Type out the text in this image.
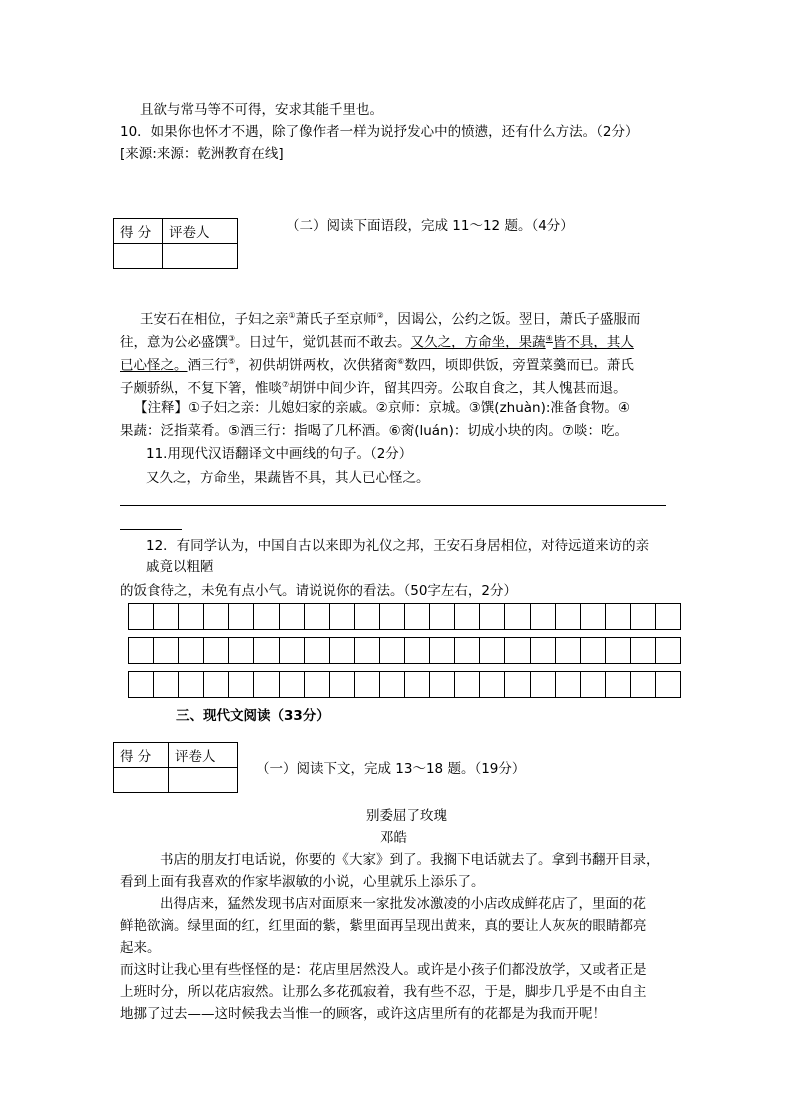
且欲与常马等不可得，安求其能千里也。
10．如果你也怀才不遇，除了像作者一样为说抒发心中的愤懑，还有什么方法。（2分）
[来源:来源：乾洲教育在线]
得 分	评卷人
		（二）阅读下面语段，完成 11～12 题。（4分）
王安石在相位，子妇之亲①萧氏子至京师②，因谒公，公约之饭。翌日，萧氏子盛服而
往，意为公必盛馔③。日过午，觉饥甚而不敢去。又久之，方命坐，果蔬④皆不具，其人
已心怪之。酒三行⑤，初供胡饼两枚，次供猪脔⑥数四，顷即供饭，旁置菜羹而已。萧氏
子颇骄纵，不复下箸，惟啖⑦胡饼中间少许，留其四旁。公取自食之，其人愧甚而退。
【注释】①子妇之亲：儿媳妇家的亲戚。②京师：京城。③馔(zhuàn):准备食物。④
果蔬：泛指菜肴。⑤酒三行：指喝了几杯酒。⑥脔(luán)：切成小块的肉。⑦啖：吃。
11.用现代汉语翻译文中画线的句子。（2分）
又久之，方命坐，果蔬皆不具，其人已心怪之。
12．有同学认为，中国自古以来即为礼仪之邦，王安石身居相位，对待远道来访的亲
戚竟以粗陋
的饭食待之，未免有点小气。请说说你的看法。（50字左右，2分）

三、现代文阅读（33分）
得 分	评卷人

（一）阅读下文，完成 13～18 题。（19分）
别委屈了玫瑰
邓皓
书店的朋友打电话说，你要的《大家》到了。我搁下电话就去了。拿到书翻开目录，
看到上面有我喜欢的作家毕淑敏的小说，心里就乐上添乐了。
出得店来，猛然发现书店对面原来一家批发冰激凌的小店改成鲜花店了，里面的花
鲜艳欲滴。绿里面的红，红里面的紫，紫里面再呈现出黄来，真的要让人灰灰的眼睛都亮
起来。
而这时让我心里有些怪怪的是：花店里居然没人。或许是小孩子们都没放学，又或者正是
上班时分，所以花店寂然。让那么多花孤寂着，我有些不忍，于是，脚步几乎是不由自主
地挪了过去——这时候我去当惟一的顾客，或许这店里所有的花都是为我而开呢！
